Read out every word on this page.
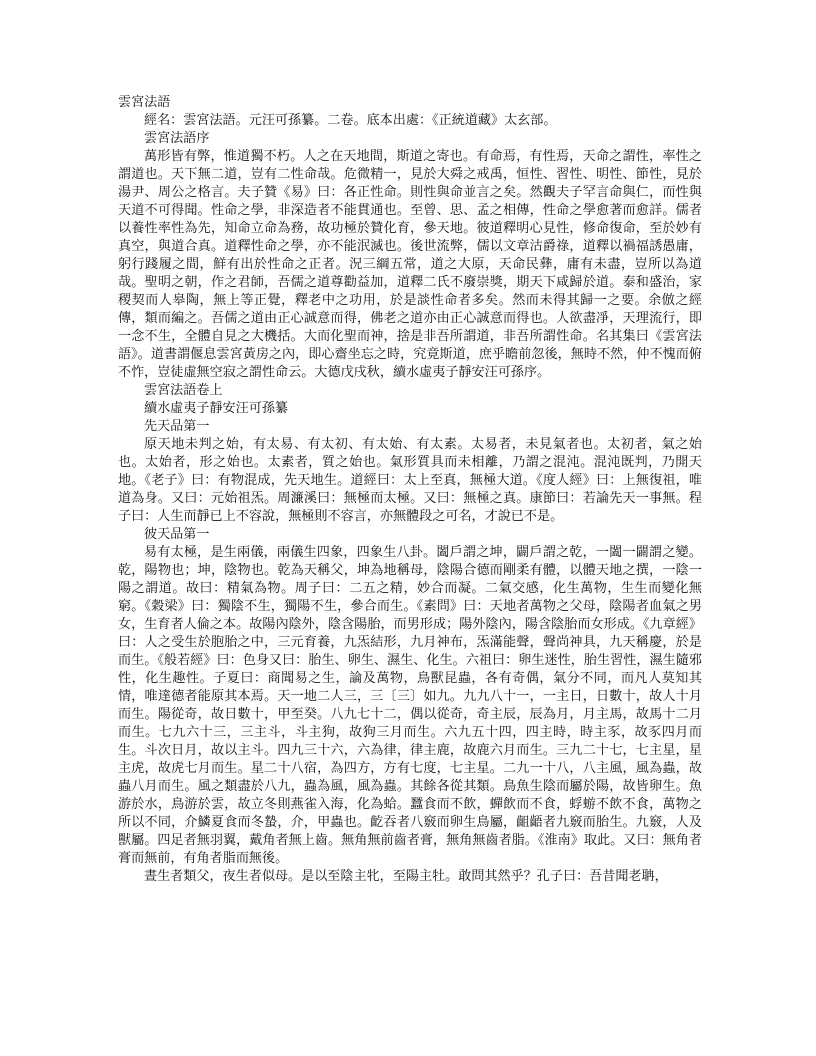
雲宮法語

經名：雲宮法語。元汪可孫纂。二卷。底本出處：《正統道藏》太玄部。

雲宮法語序

萬形皆有弊，惟道獨不朽。人之在天地間，斯道之寄也。有命焉，有性焉，天命之謂性，率性之謂道也。天下無二道，豈有二性命哉。危微精一，見於大舜之戒禹，恒性、習性、明性、節性，見於湯尹、周公之格言。夫子贊《易》曰：各正性命。則性與命並言之矣。然觀夫子罕言命與仁，而性與天道不可得聞。性命之學，非深造者不能貫通也。至曾、思、孟之相傳，性命之學愈著而愈詳。儒者以養性率性為先，知命立命為務，故功極於贊化育，參天地。彼道釋明心見性，修命復命，至於妙有真空，與道合真。道釋性命之學，亦不能泯滅也。後世流弊，儒以文章沽爵祿，道釋以禍福誘愚庸，躬行踐履之間，鮮有出於性命之正者。況三綱五常，道之大原，天命民彝，庸有未盡，豈所以為道哉。聖明之朝，作之君師，吾儒之道尊勸益加，道釋二氏不廢崇獎，期天下咸歸於道。泰和盛治，家稷契而人皋陶，無上等正覺，釋老中之功用，於是談性命者多矣。然而未得其歸一之要。余倣之經傳，類而編之。吾儒之道由正心誠意而得，佛老之道亦由正心誠意而得也。人欲盡凈，天理流行，即一念不生，全體自見之大機括。大而化聖而神，捨是非吾所謂道，非吾所謂性命。名其集曰《雲宮法語》。道書謂偃息雲宮黃房之內，即心齋坐忘之時，究竟斯道，庶乎瞻前忽後，無時不然，仲不愧而俯不怍，豈徒虛無空寂之謂性命云。大德戊戌秋，續水虛夷子靜安汪可孫序。

雲宮法語卷上

續水虛夷子靜安汪可孫纂

先天品第一

原天地未判之始，有太易、有太初、有太始、有太素。太易者，未見氣者也。太初者，氣之始也。太始者，形之始也。太素者，質之始也。氣形質具而未相離，乃謂之混沌。混沌既判，乃開天地。《老子》曰：有物混成，先天地生。道經曰：太上至真，無極大道。《度人經》曰：上無復祖，唯道為身。又曰：元始祖炁。周濂溪曰：無極而太極。又曰：無極之真。康節曰：若論先天一事無。程子曰：人生而靜已上不容說，無極則不容言，亦無體段之可名，才說已不是。

彼天品第一

易有太極，是生兩儀，兩儀生四象，四象生八卦。闔戶謂之坤，闢戶謂之乾，一闔一闢謂之變。乾，陽物也；坤，陰物也。乾為天稱父，坤為地稱母，陰陽合德而剛柔有體，以體天地之撰，一陰一陽之謂道。故曰：精氣為物。周子曰：二五之精，妙合而凝。二氣交感，化生萬物，生生而變化無窮。《穀梁》曰：獨陰不生，獨陽不生，參合而生。《素問》曰：天地者萬物之父母，陰陽者血氣之男女，生育者人倫之本。故陽內陰外，陰含陽胎，而男形成；陽外陰內，陽含陰胎而女形成。《九章經》曰：人之受生於胞胎之中，三元育養，九炁結形，九月神布，炁滿能聲，聲尚神具，九天稱慶，於是而生。《般若經》曰：色身又曰：胎生、卵生、濕生、化生。六祖曰：卵生迷性，胎生習性，濕生隨邪性，化生趣性。子夏曰：商聞易之生，論及萬物，鳥獸昆蟲，各有奇偶，氣分不同，而凡人莫知其情，唯達德者能原其本焉。天一地二人三，三〔三〕如九。九九八十一，一主日，日數十，故人十月而生。陽從奇，故日數十，甲至癸。八九七十二，偶以從奇，奇主辰，辰為月，月主馬，故馬十二月而生。七九六十三，三主斗，斗主狗，故狗三月而生。六九五十四，四主時，時主豕，故豕四月而生。斗次日月，故以主斗。四九三十六，六為律，律主鹿，故鹿六月而生。三九二十七，七主星，星主虎，故虎七月而生。星二十八宿，為四方，方有七度，七主星。二九一十八，八主風，風為蟲，故蟲八月而生。風之類盡於八九，蟲為風，風為蟲。其餘各從其類。鳥魚生陰而屬於陽，故皆卵生。魚游於水，鳥游於雲，故立冬則燕雀入海，化為蛤。蠶食而不飲，蟬飲而不食，蜉蝣不飲不食，萬物之所以不同，介鱗夏食而冬蟄，介，甲蟲也。齕吞者八竅而卵生鳥屬，齟齬者九竅而胎生。九竅，人及獸屬。四足者無羽翼，戴角者無上齒。無角無前齒者膏，無角無齒者脂。《淮南》取此。又曰：無角者膏而無前，有角者脂而無後。

晝生者類父，夜生者似母。是以至陰主牝，至陽主牡。敢問其然乎？孔子曰：吾昔聞老聃，
